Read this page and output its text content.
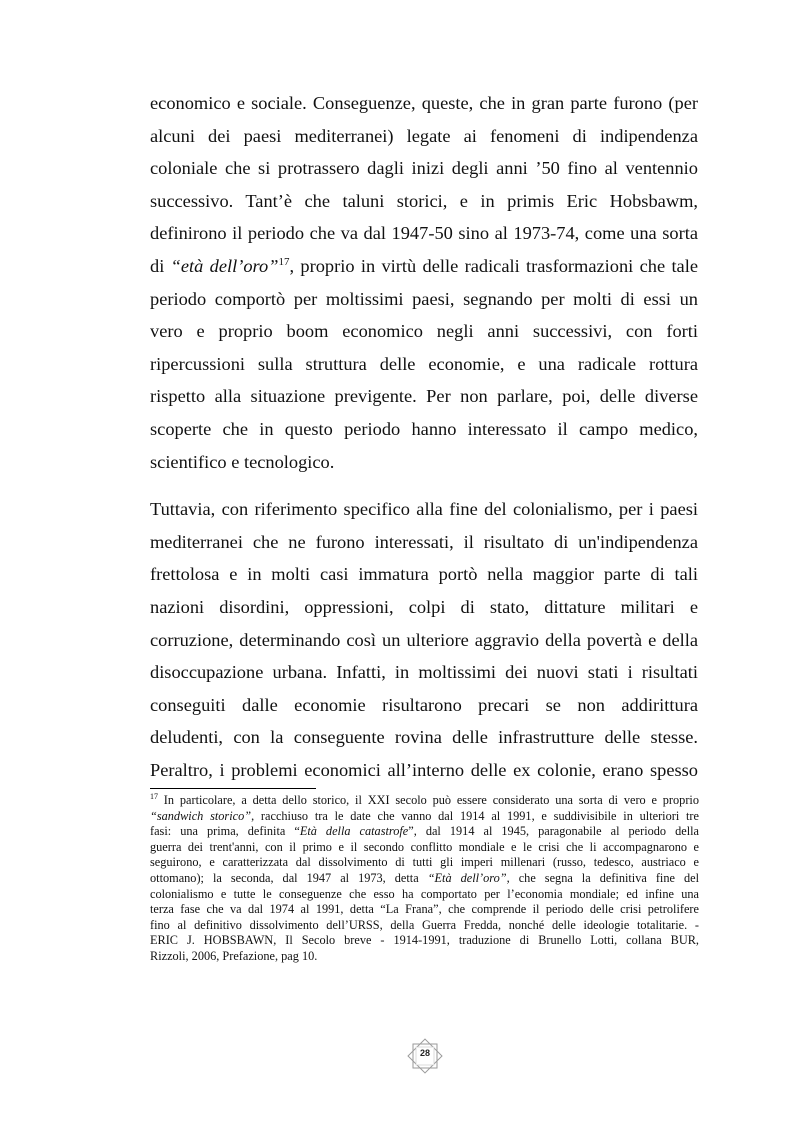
economico e sociale. Conseguenze, queste, che in gran parte furono (per
alcuni dei paesi mediterranei) legate ai fenomeni di indipendenza
coloniale che si protrassero dagli inizi degli anni ’50 fino al ventennio
successivo. Tant’è che taluni storici, e in primis Eric Hobsbawm,
definirono il periodo che va dal 1947-50 sino al 1973-74, come una sorta
di “età dell’oro”$^{17}$, proprio in virtù delle radicali trasformazioni che tale
periodo comportò per moltissimi paesi, segnando per molti di essi un
vero e proprio boom economico negli anni successivi, con forti
ripercussioni sulla struttura delle economie, e una radicale rottura
rispetto alla situazione previgente. Per non parlare, poi, delle diverse
scoperte che in questo periodo hanno interessato il campo medico,
scientifico e tecnologico.

Tuttavia, con riferimento specifico alla fine del colonialismo, per i paesi
mediterranei che ne furono interessati, il risultato di un'indipendenza
frettolosa e in molti casi immatura portò nella maggior parte di tali
nazioni disordini, oppressioni, colpi di stato, dittature militari e
corruzione, determinando così un ulteriore aggravio della povertà e della
disoccupazione urbana. Infatti, in moltissimi dei nuovi stati i risultati
conseguiti dalle economie risultarono precari se non addirittura
deludenti, con la conseguente rovina delle infrastrutture delle stesse.
Peraltro, i problemi economici all’interno delle ex colonie, erano spesso

$^{17}$ In particolare, a detta dello storico, il XXI secolo può essere considerato una sorta di vero e proprio
“sandwich storico”, racchiuso tra le date che vanno dal 1914 al 1991, e suddivisibile in ulteriori tre
fasi: una prima, definita “Età della catastrofe”, dal 1914 al 1945, paragonabile al periodo della
guerra dei trent'anni, con il primo e il secondo conflitto mondiale e le crisi che li accompagnarono e
seguirono, e caratterizzata dal dissolvimento di tutti gli imperi millenari (russo, tedesco, austriaco e
ottomano); la seconda, dal 1947 al 1973, detta “Età dell’oro”, che segna la definitiva fine del
colonialismo e tutte le conseguenze che esso ha comportato per l’economia mondiale; ed infine una
terza fase che va dal 1974 al 1991, detta “La Frana”, che comprende il periodo delle crisi petrolifere
fino al definitivo dissolvimento dell’URSS, della Guerra Fredda, nonché delle ideologie totalitarie. -
ERIC J. HOBSBAWN, Il Secolo breve - 1914-1991, traduzione di Brunello Lotti, collana BUR,
Rizzoli, 2006, Prefazione, pag 10.
28
